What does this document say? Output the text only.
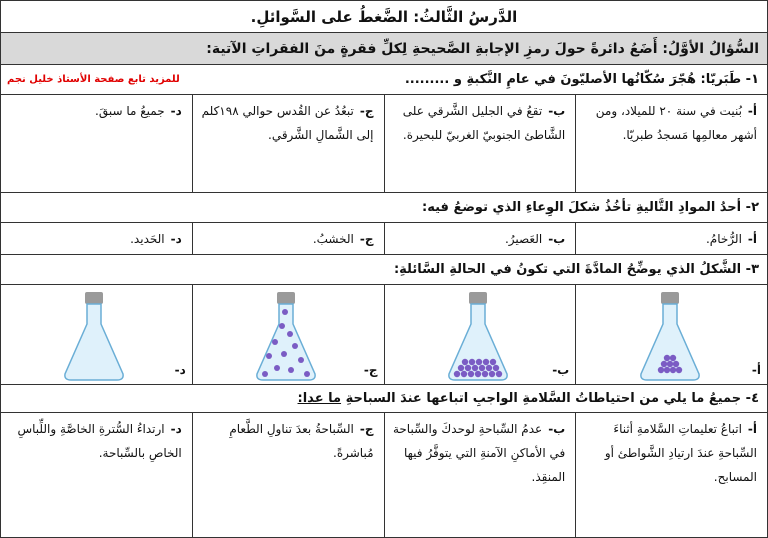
الدَّرسُ الثَّالثُ: الضَّغطُ على السَّوائلِ.
السُّؤالُ الأوَّلُ: أَضَعُ دائرةً حولَ رمزِ الإجابةِ الصَّحيحةِ لِكلِّ فقرةٍ منَ الفقراتِ الآتية:
١- طَبَريّا: هُجّرَ سُكّانُها الأصليّونَ في عامِ النَّكبةِ و .........
للمزيد تابع صفحة الأستاذ خليل نجم
أ-بُنيت في سنة ٢٠ للميلاد، ومن أشهر معالمِها مَسجدُ طبريّا.
ب-تقعُ في الجليل الشَّرقي على الشَّاطئ الجنوبيّ الغربيّ للبحيرة.
ج-تبعُدُ عن القُدس حوالي ١٩٨كلم إلى الشَّمالِ الشَّرقي.
د-جميعُ ما سبقَ.
٢- أحدُ الموادِ التَّاليةِ تأخُذُ شكلَ الوِعاءِ الذي توضعُ فيه:
أ-الرُّخامُ.
ب-العَصيرُ.
ج-الخشبُ.
د-الحَديد.
٣- الشَّكلُ الذي يوضِّحُ المادَّةَ التي تكونُ في الحالةِ السَّائلةِ:
أ-
ب-
ج-
د-
٤- جميعُ ما يلي من احتياطاتُ السَّلامةِ الواجبِ اتباعها عندَ السباحةِ

ما عدا:
أ-اتباعُ تعليماتِ السَّلامةِ أثناءَ السِّباحةِ عندَ ارتيادِ الشَّواطئ أو المسابح.
ب-عدمُ السِّباحةِ لوحدكَ والسِّباحة في الأماكنِ الآمنةِ التي يتوفَّرُ فيها المنقِذ.
ج-السِّباحةُ بعدَ تناولِ الطَّعامِ مُباشرةً.
د-ارتداءُ السُّترةِ الخاصَّةِ واللِّباسِ الخاصِ بالسِّباحة.
